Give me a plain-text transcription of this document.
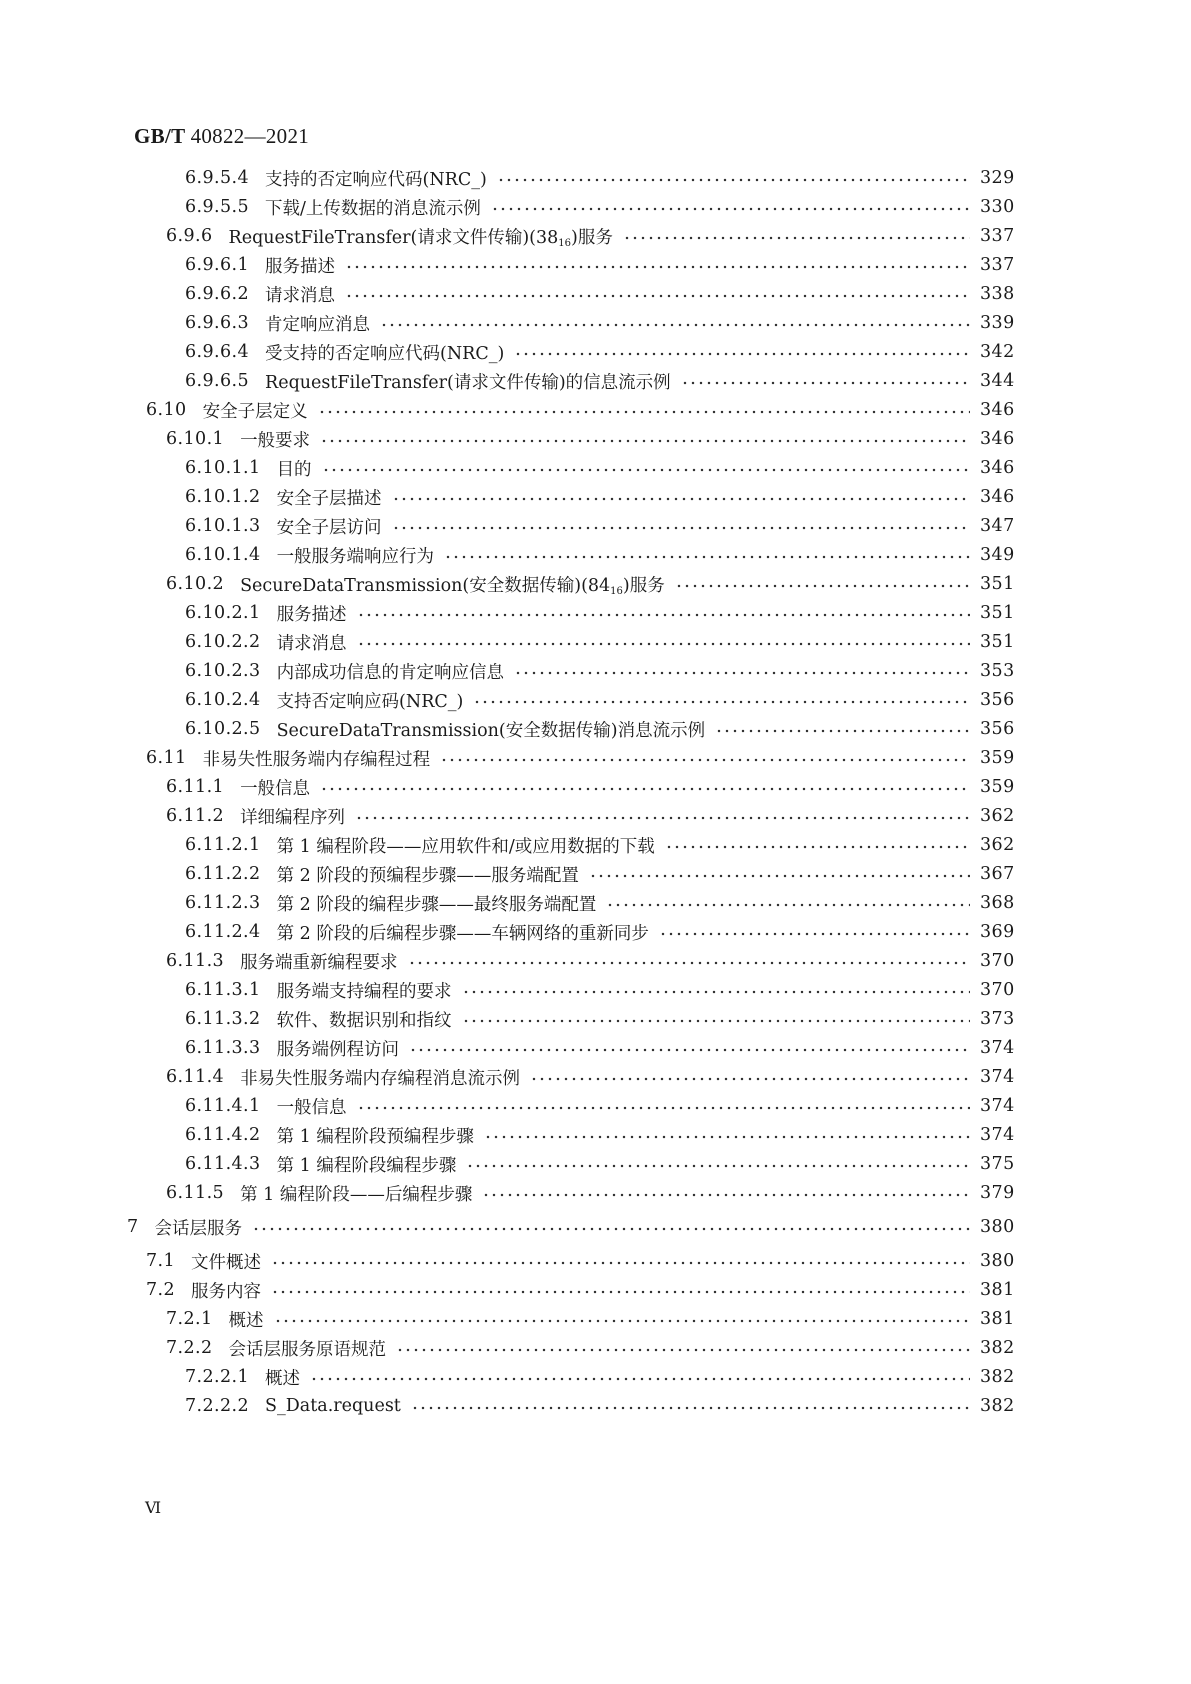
GB/T 40822—2021
6.9.5.4 支持的否定响应代码(NRC_)	329
6.9.5.5 下载/上传数据的消息流示例	330
6.9.6 RequestFileTransfer(请求文件传输)$(38_{16})$服务	337
6.9.6.1 服务描述	337
6.9.6.2 请求消息	338
6.9.6.3 肯定响应消息	339
6.9.6.4 受支持的否定响应代码(NRC_)	342
6.9.6.5 RequestFileTransfer(请求文件传输)的信息流示例	344
6.10 安全子层定义	346
6.10.1 一般要求	346
6.10.1.1 目的	346
6.10.1.2 安全子层描述	346
6.10.1.3 安全子层访问	347
6.10.1.4 一般服务端响应行为	349
6.10.2 SecureDataTransmission(安全数据传输)$(84_{16})$服务	351
6.10.2.1 服务描述	351
6.10.2.2 请求消息	351
6.10.2.3 内部成功信息的肯定响应信息	353
6.10.2.4 支持否定响应码(NRC_)	356
6.10.2.5 SecureDataTransmission(安全数据传输)消息流示例	356
6.11 非易失性服务端内存编程过程	359
6.11.1 一般信息	359
6.11.2 详细编程序列	362
6.11.2.1 第 1 编程阶段——应用软件和/或应用数据的下载	362
6.11.2.2 第 2 阶段的预编程步骤——服务端配置	367
6.11.2.3 第 2 阶段的编程步骤——最终服务端配置	368
6.11.2.4 第 2 阶段的后编程步骤——车辆网络的重新同步	369
6.11.3 服务端重新编程要求	370
6.11.3.1 服务端支持编程的要求	370
6.11.3.2 软件、数据识别和指纹	373
6.11.3.3 服务端例程访问	374
6.11.4 非易失性服务端内存编程消息流示例	374
6.11.4.1 一般信息	374
6.11.4.2 第 1 编程阶段预编程步骤	374
6.11.4.3 第 1 编程阶段编程步骤	375
6.11.5 第 1 编程阶段——后编程步骤	379
7 会话层服务	380
7.1 文件概述	380
7.2 服务内容	381
7.2.1 概述	381
7.2.2 会话层服务原语规范	382
7.2.2.1 概述	382
7.2.2.2 S_Data.request	382
Ⅵ
